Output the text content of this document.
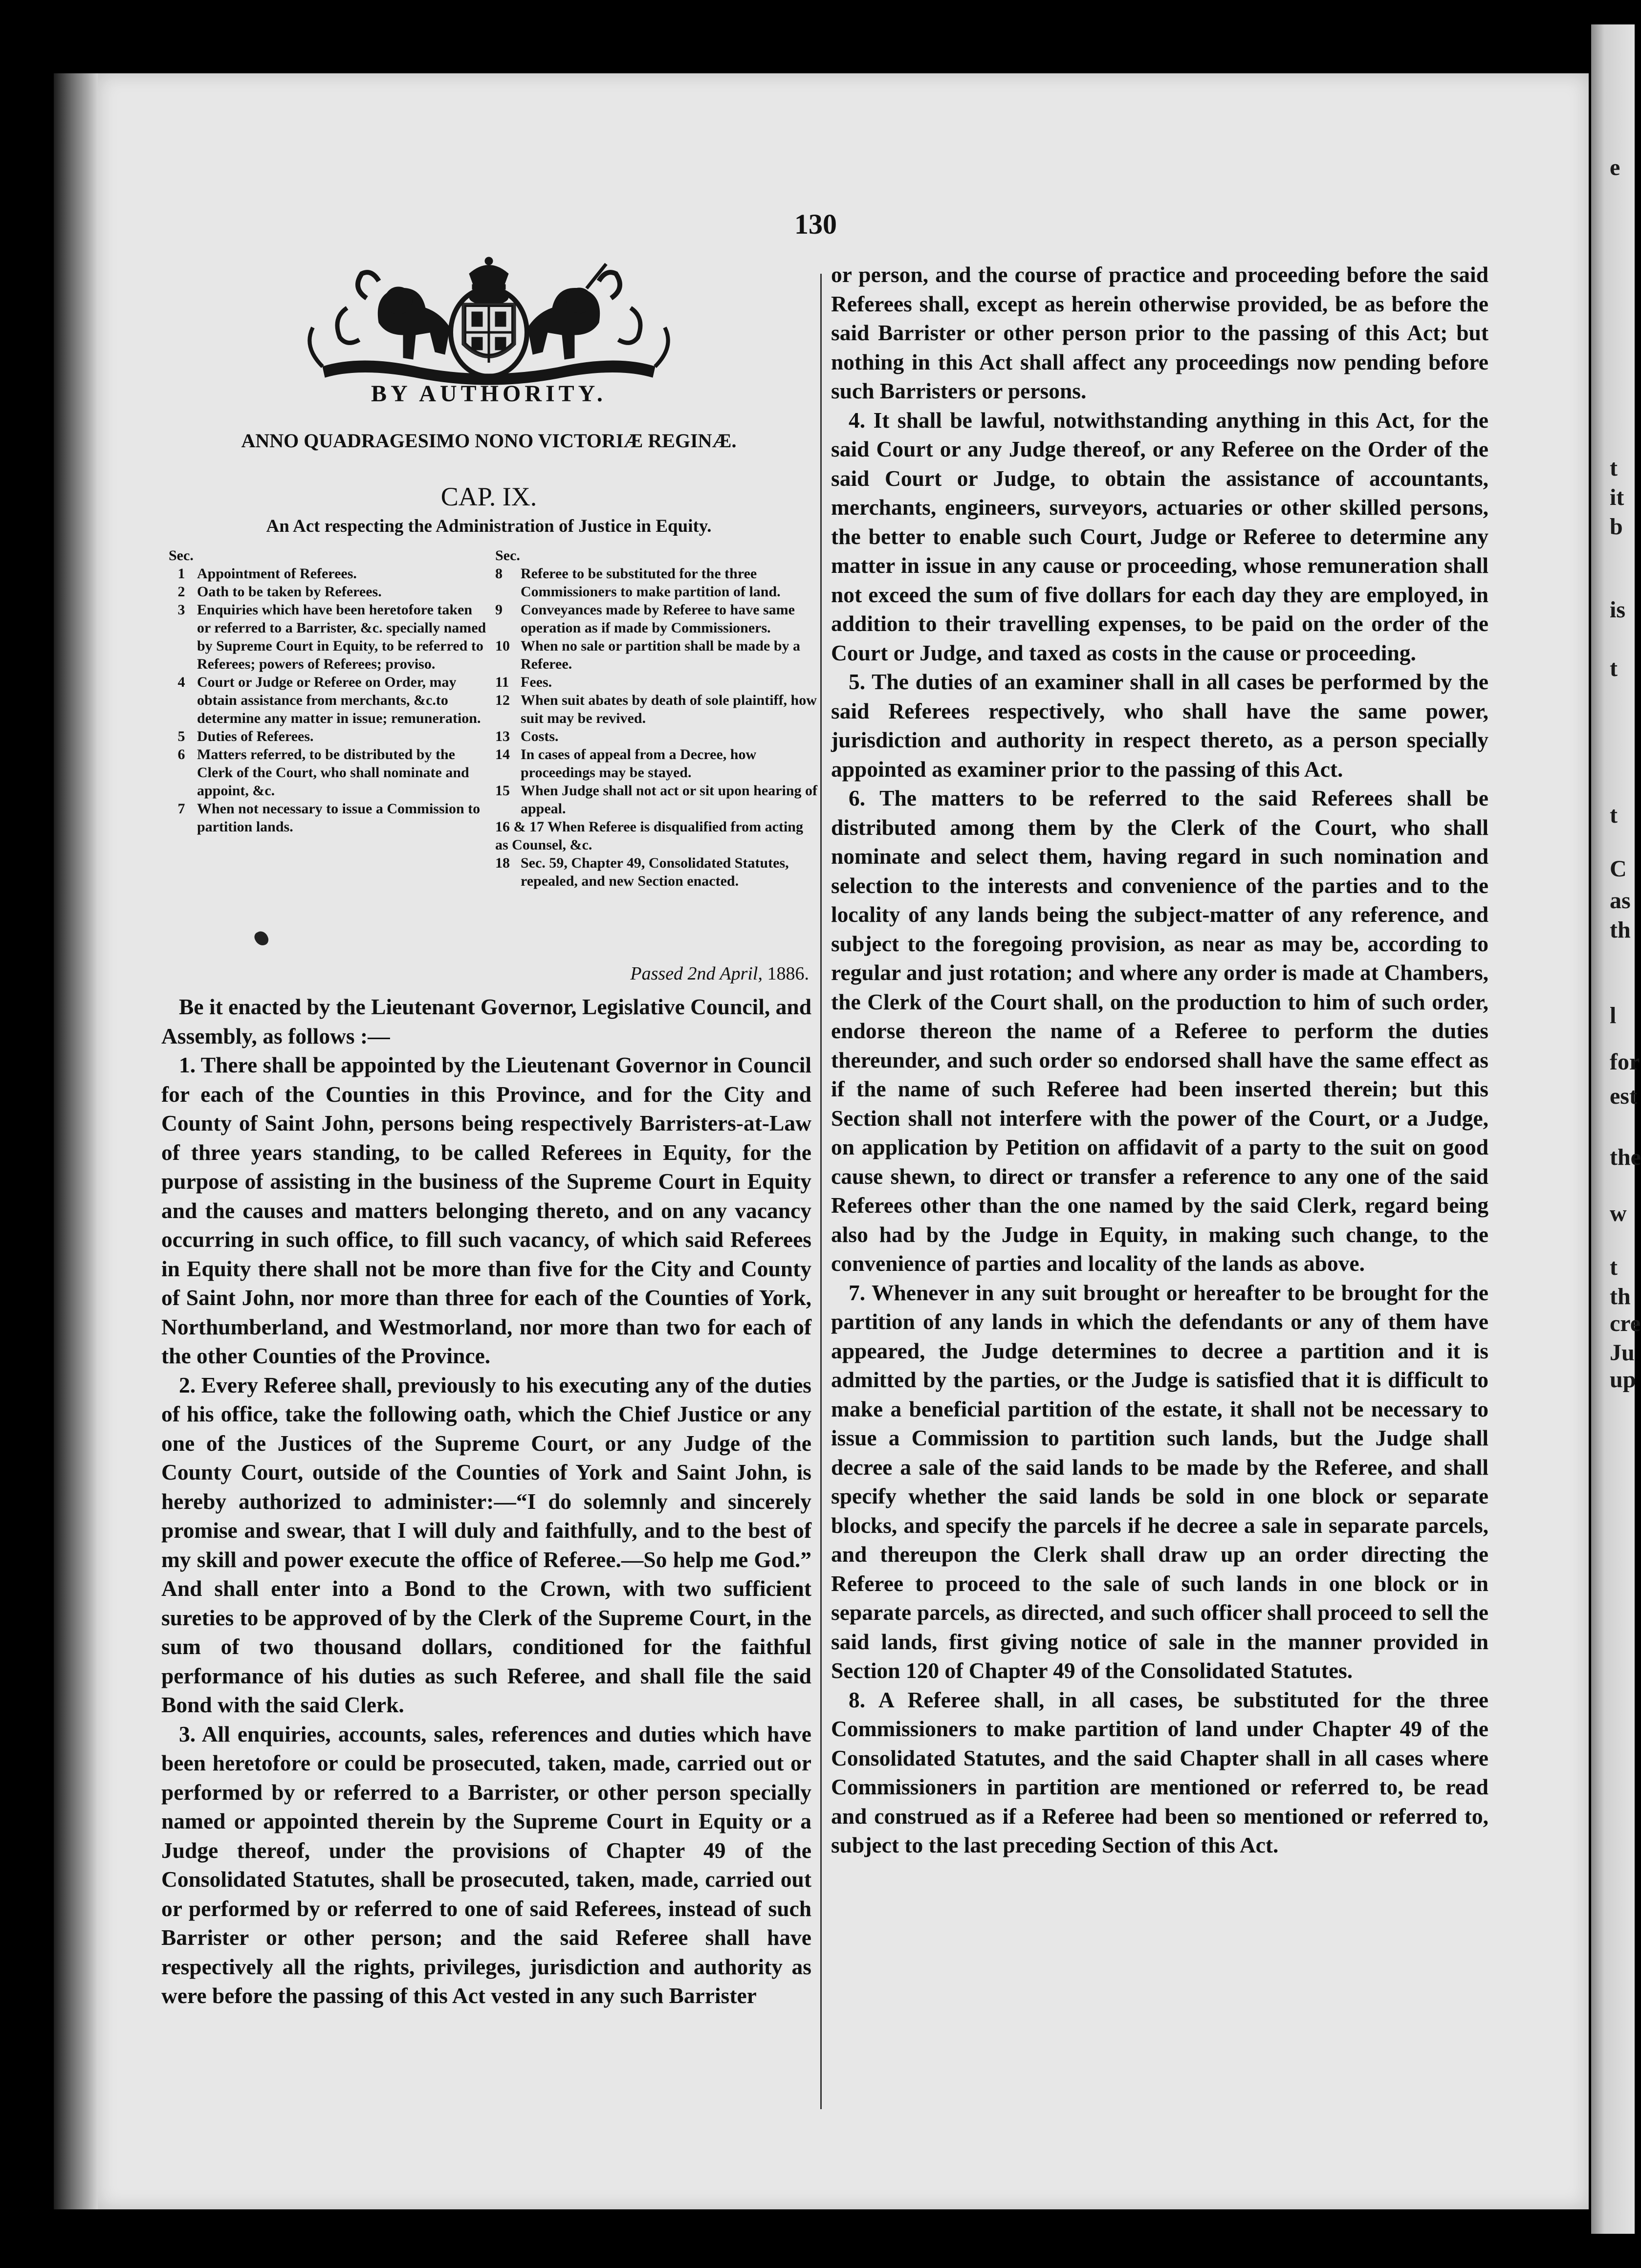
e
t
it
b
is
t
t
C
as
th
l
for
est
the
w
t
th
cre
Ju
up
130
BY AUTHORITY.
ANNO QUADRAGESIMO NONO VICTORIÆ REGINÆ.
CAP. IX.
An Act respecting the Administration of Justice in Equity.
Sec.
1 Appointment of Referees.
2 Oath to be taken by Referees.
3 Enquiries which have been heretofore taken or referred to a Barrister, &c. specially named by Supreme Court in Equity, to be referred to Referees; powers of Referees; proviso.
4 Court or Judge or Referee on Order, may obtain assistance from merchants, &c.to determine any matter in issue; remuneration.
5 Duties of Referees.
6 Matters referred, to be distributed by the Clerk of the Court, who shall nominate and appoint, &c.
7 When not necessary to issue a Commission to partition lands.
Sec.
8	Referee to be substituted for the three Commissioners to make partition of land.
9	Conveyances made by Referee to have same operation as if made by Commissioners.
10 When no sale or partition shall be made by a Referee.
11 Fees.
12 When suit abates by death of sole plaintiff, how suit may be revived.
13 Costs.
14 In cases of appeal from a Decree, how proceedings may be stayed.
15 When Judge shall not act or sit upon hearing of appeal.
16 & 17 When Referee is disqualified from acting as Counsel, &c.
18 Sec. 59, Chapter 49, Consolidated Statutes, repealed, and new Section enacted.
Passed 2nd April, 1886.

Be it enacted by the Lieutenant Governor, Legislative Council, and Assembly, as follows :—

1. There shall be appointed by the Lieutenant Governor in Council for each of the Counties in this Province, and for the City and County of Saint John, persons being respectively Barristers-at-Law of three years standing, to be called Referees in Equity, for the purpose of assisting in the business of the Supreme Court in Equity and the causes and matters belonging thereto, and on any vacancy occurring in such office, to fill such vacancy, of which said Referees in Equity there shall not be more than five for the City and County of Saint John, nor more than three for each of the Counties of York, Northumberland, and Westmorland, nor more than two for each of the other Counties of the Province.

2. Every Referee shall, previously to his executing any of the duties of his office, take the following oath, which the Chief Justice or any one of the Justices of the Supreme Court, or any Judge of the County Court, outside of the Counties of York and Saint John, is hereby authorized to administer:—“I do solemnly and sincerely promise and swear, that I will duly and faithfully, and to the best of my skill and power execute the office of Referee.—So help me God.” And shall enter into a Bond to the Crown, with two sufficient sureties to be approved of by the Clerk of the Supreme Court, in the sum of two thousand dollars, conditioned for the faithful performance of his duties as such Referee, and shall file the said Bond with the said Clerk.

3. All enquiries, accounts, sales, references and duties which have been heretofore or could be prosecuted, taken, made, carried out or performed by or referred to a Barrister, or other person specially named or appointed therein by the Supreme Court in Equity or a Judge thereof, under the provisions of Chapter 49 of the Consolidated Statutes, shall be prosecuted, taken, made, carried out or performed by or referred to one of said Referees, instead of such Barrister or other person; and the said Referee shall have respectively all the rights, privileges, jurisdiction and authority as were before the passing of this Act vested in any such Barrister

or person, and the course of practice and proceeding before the said Referees shall, except as herein otherwise provided, be as before the said Barrister or other person prior to the passing of this Act; but nothing in this Act shall affect any proceedings now pending before such Barristers or persons.

4. It shall be lawful, notwithstanding anything in this Act, for the said Court or any Judge thereof, or any Referee on the Order of the said Court or Judge, to obtain the assistance of accountants, merchants, engineers, surveyors, actuaries or other skilled persons, the better to enable such Court, Judge or Referee to determine any matter in issue in any cause or proceeding, whose remuneration shall not exceed the sum of five dollars for each day they are employed, in addition to their travelling expenses, to be paid on the order of the Court or Judge, and taxed as costs in the cause or proceeding.

5. The duties of an examiner shall in all cases be performed by the said Referees respectively, who shall have the same power, jurisdiction and authority in respect thereto, as a person specially appointed as examiner prior to the passing of this Act.

6. The matters to be referred to the said Referees shall be distributed among them by the Clerk of the Court, who shall nominate and select them, having regard in such nomination and selection to the interests and convenience of the parties and to the locality of any lands being the subject-matter of any reference, and subject to the foregoing provision, as near as may be, according to regular and just rotation; and where any order is made at Chambers, the Clerk of the Court shall, on the production to him of such order, endorse thereon the name of a Referee to perform the duties thereunder, and such order so endorsed shall have the same effect as if the name of such Referee had been inserted therein; but this Section shall not interfere with the power of the Court, or a Judge, on application by Petition on affidavit of a party to the suit on good cause shewn, to direct or transfer a reference to any one of the said Referees other than the one named by the said Clerk, regard being also had by the Judge in Equity, in making such change, to the convenience of parties and locality of the lands as above.

7. Whenever in any suit brought or hereafter to be brought for the partition of any lands in which the defendants or any of them have appeared, the Judge determines to decree a partition and it is admitted by the parties, or the Judge is satisfied that it is difficult to make a beneficial partition of the estate, it shall not be necessary to issue a Commission to partition such lands, but the Judge shall decree a sale of the said lands to be made by the Referee, and shall specify whether the said lands be sold in one block or separate blocks, and specify the parcels if he decree a sale in separate parcels, and thereupon the Clerk shall draw up an order directing the Referee to proceed to the sale of such lands in one block or in separate parcels, as directed, and such officer shall proceed to sell the said lands, first giving notice of sale in the manner provided in Section 120 of Chapter 49 of the Consolidated Statutes.

8. A Referee shall, in all cases, be substituted for the three Commissioners to make partition of land under Chapter 49 of the Consolidated Statutes, and the said Chapter shall in all cases where Commissioners in partition are mentioned or referred to, be read and construed as if a Referee had been so mentioned or referred to, subject to the last preceding Section of this Act.
